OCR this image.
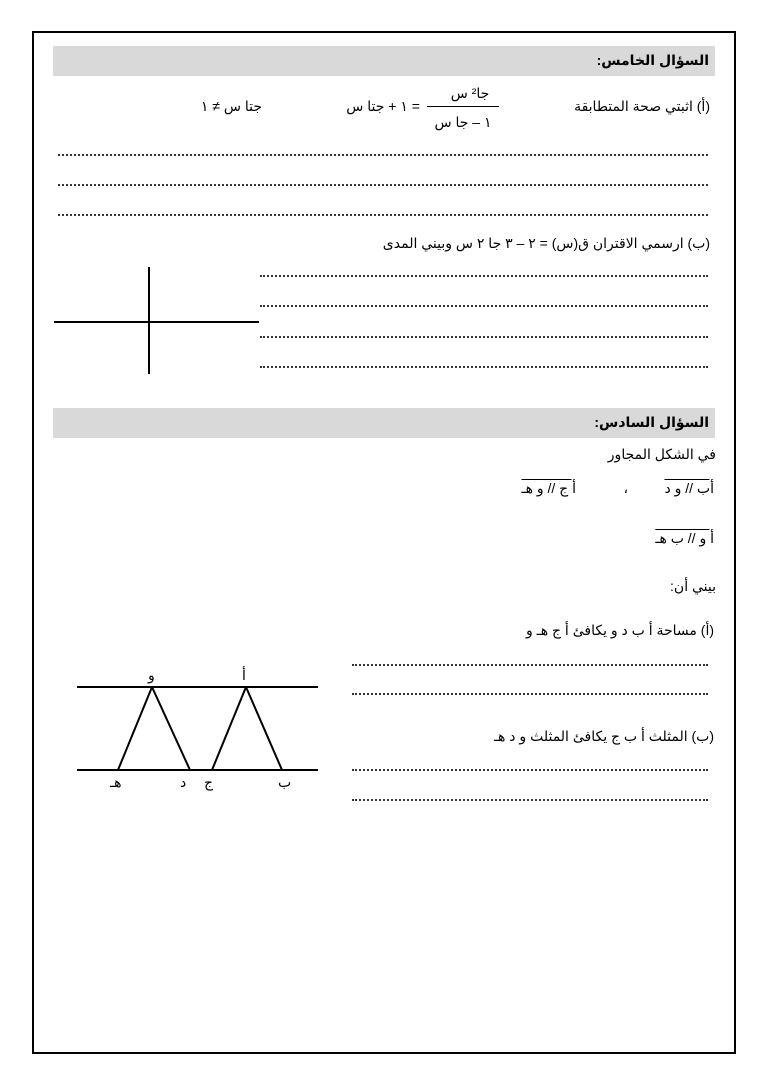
السؤال الخامس:
(أ) اثبتي صحة المتطابقة
جا² س
١ – جا س
= ١ + جتا س
جتا س ≠ ١
(ب) ارسمي الاقتران ق(س) = ٢ – ٣ جا ٢ س وبيني المدى
السؤال السادس:
في الشكل المجاور
أب // و د
،
أ ج // و هـ
أ و // ب هـ
بيني أن:
(أ) مساحة أ ب د و يكافئ أ ج هـ و
(ب) المثلث أ ب ج يكافئ المثلث و د هـ
و	أ
هـ	د ج	ب
